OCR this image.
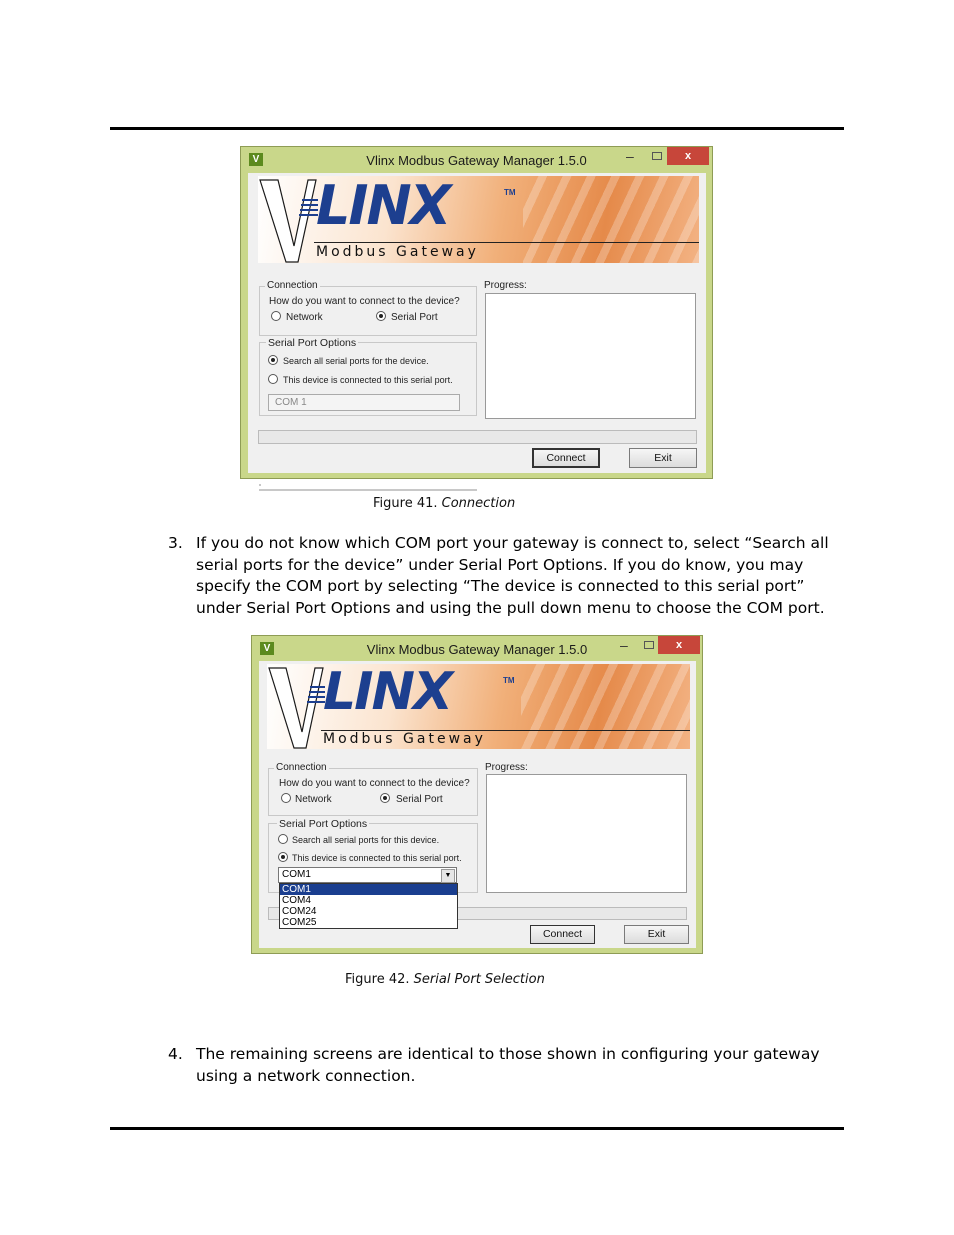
V	Vlinx Modbus Gateway Manager 1.5.0	–	x
LINX	TM
Modbus Gateway
Connection
How do you want to connect to the device?
Network	Serial Port
Serial Port Options
Search all serial ports for the device.
This device is connected to this serial port.
COM 1
Progress:
Connect	Exit
Figure 41. Connection
3. If you do not know which COM port your gateway is connect to, select “Search all serial ports for the device” under Serial Port Options. If you do know, you may specify the COM port by selecting “The device is connected to this serial port” under Serial Port Options and using the pull down menu to choose the COM port.
V	Vlinx Modbus Gateway Manager 1.5.0	–	x
LINX	TM
Modbus Gateway
Connection
How do you want to connect to the device?
Network	Serial Port
Serial Port Options
Search all serial ports for this device.
This device is connected to this serial port.
Progress:
Connect	Exit
COM1	▼
COM1
COM4
COM24
COM25
Figure 42. Serial Port Selection
4. The remaining screens are identical to those shown in configuring your gateway using a network connection.
